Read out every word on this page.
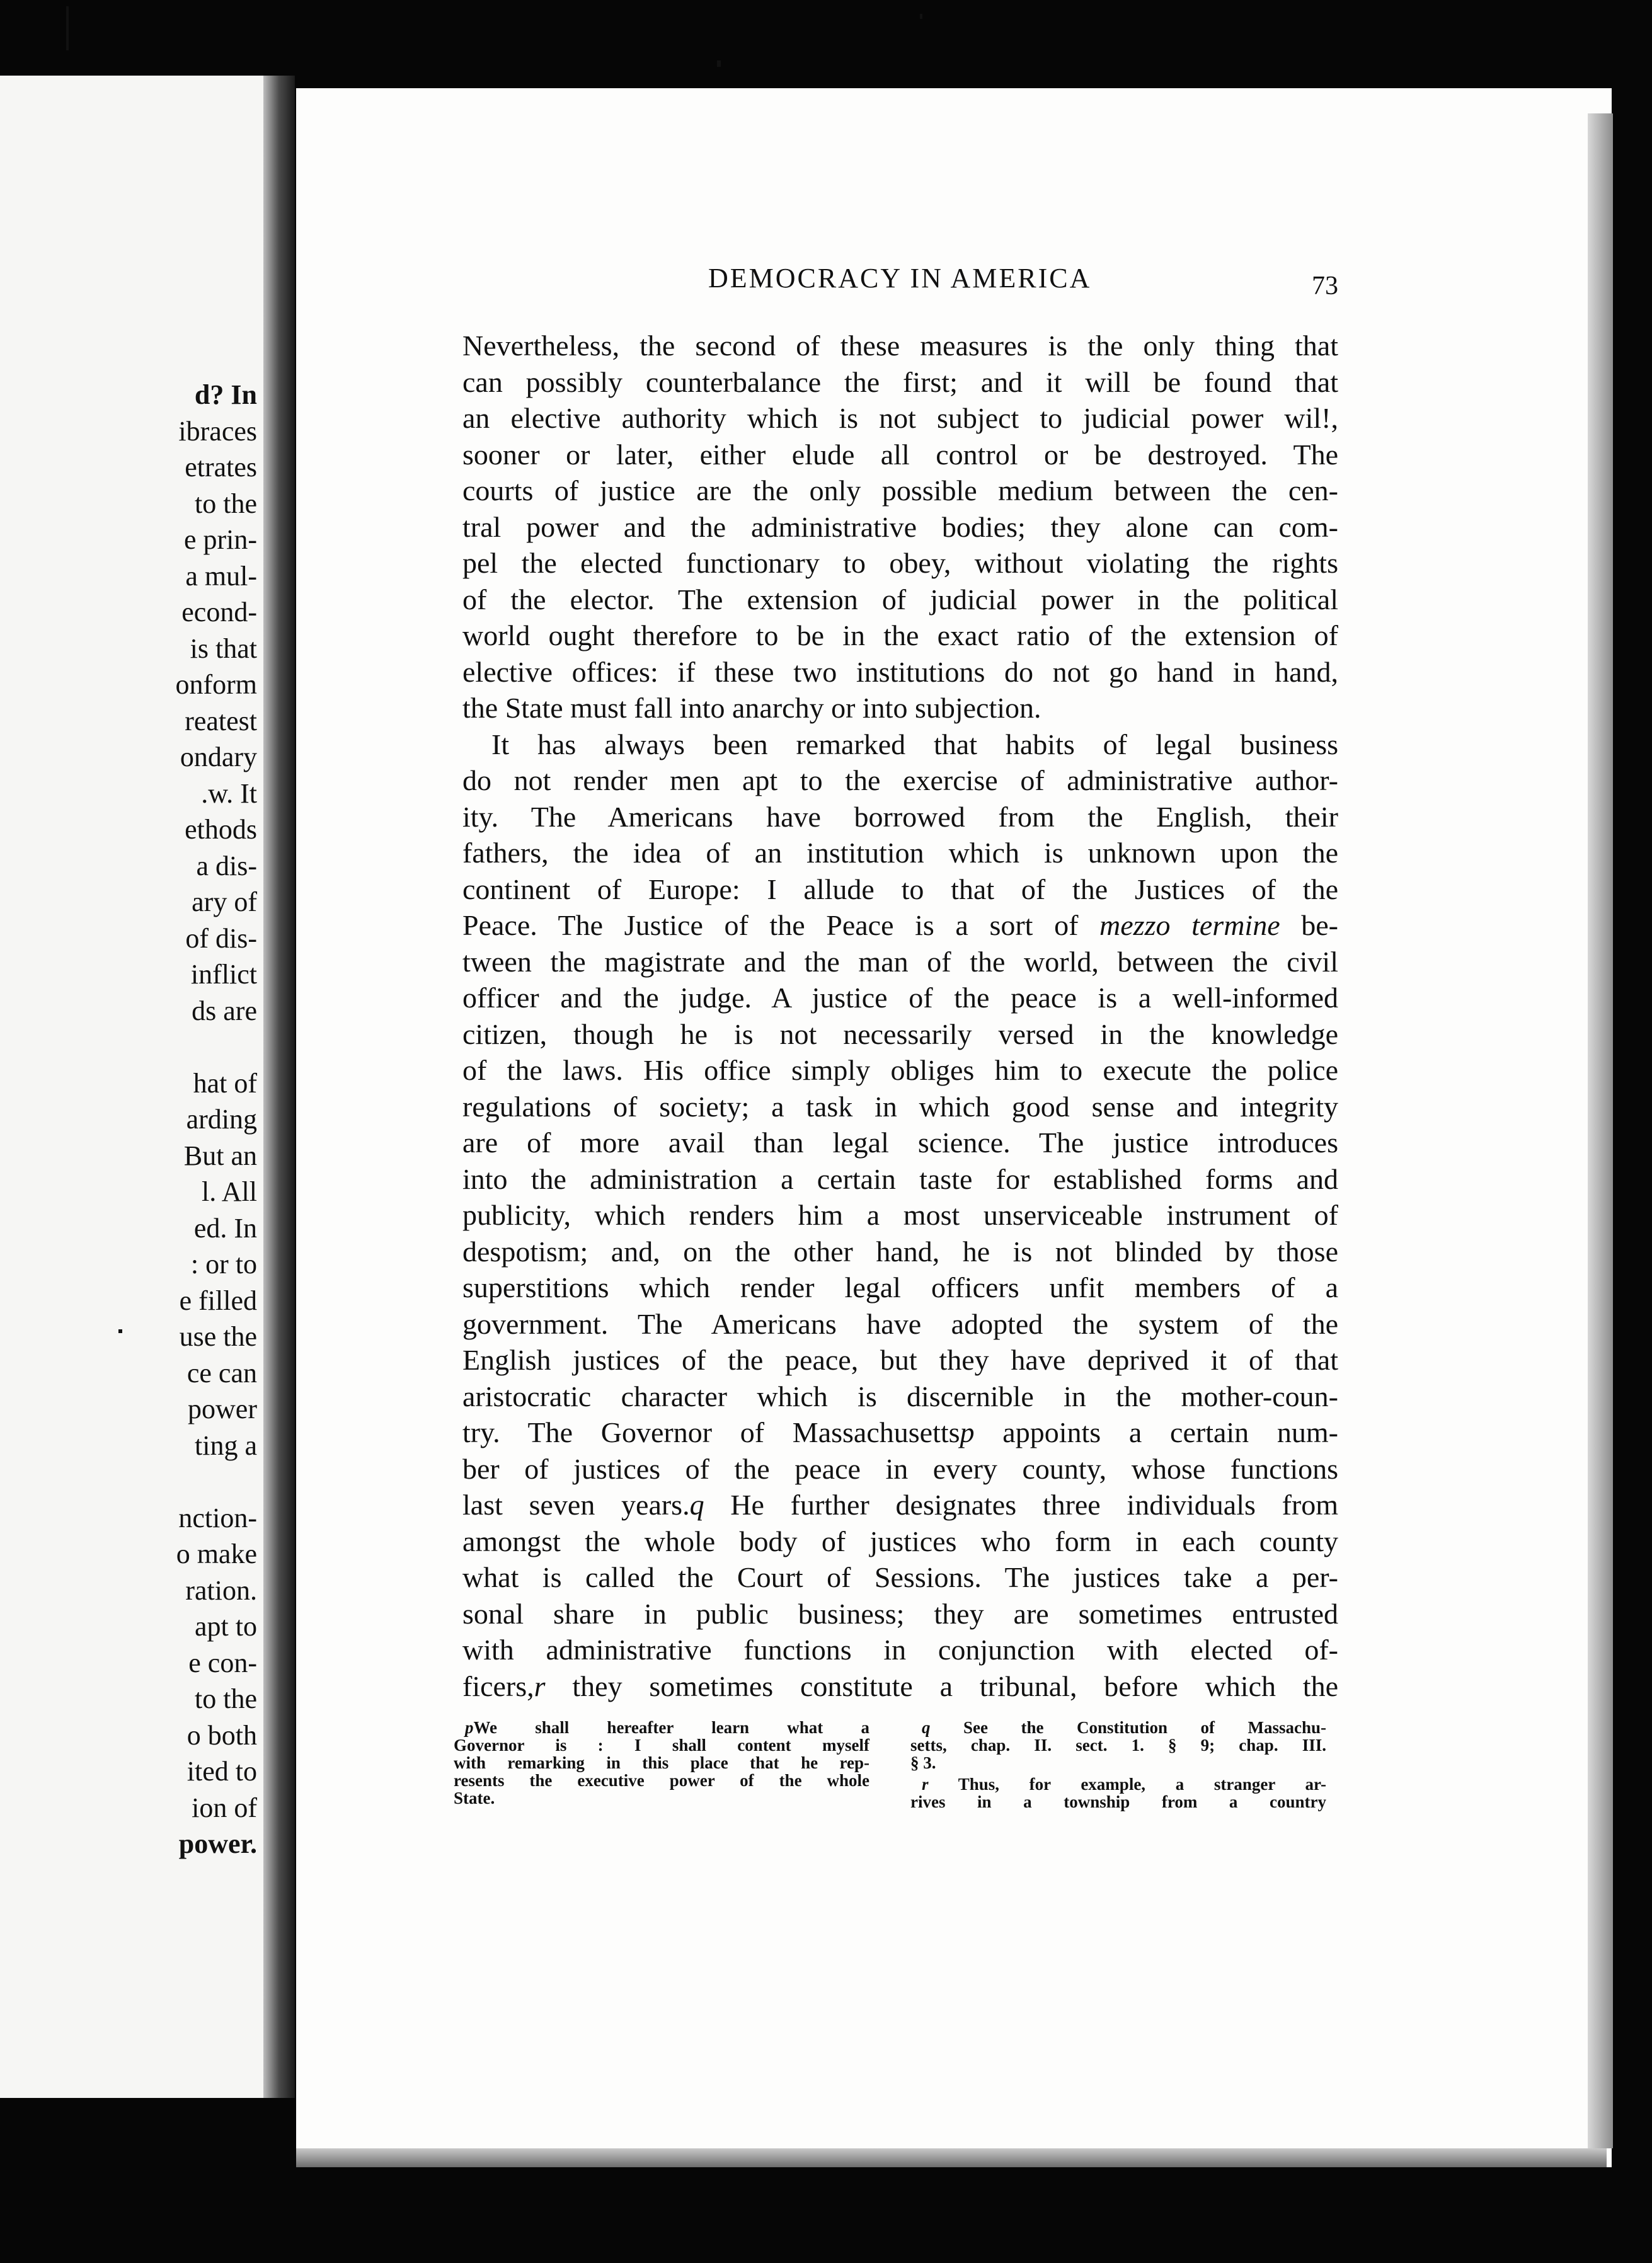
d? In
ibraces
etrates
to the
e prin-
a mul-
econd-
is that
onform
reatest
ondary
.w. It
ethods
a dis-
ary of
of dis-
inflict
ds are

hat of
arding
But an
l. All
ed. In
: or to
e filled
use the
ce can
power
ting a

nction-
o make
ration.
apt to
e con-
to the
o both
ited to
ion of
power.
DEMOCRACY IN AMERICA	73
Nevertheless, the second of these measures is the only thing that
can possibly counterbalance the first; and it will be found that
an elective authority which is not subject to judicial power wil!,
sooner or later, either elude all control or be destroyed. The
courts of justice are the only possible medium between the cen-
tral power and the administrative bodies; they alone can com-
pel the elected functionary to obey, without violating the rights
of the elector. The extension of judicial power in the political
world ought therefore to be in the exact ratio of the extension of
elective offices: if these two institutions do not go hand in hand,
the State must fall into anarchy or into subjection.
It has always been remarked that habits of legal business
do not render men apt to the exercise of administrative author-
ity. The Americans have borrowed from the English, their
fathers, the idea of an institution which is unknown upon the
continent of Europe: I allude to that of the Justices of the
Peace. The Justice of the Peace is a sort of mezzo termine be-
tween the magistrate and the man of the world, between the civil
officer and the judge. A justice of the peace is a well-informed
citizen, though he is not necessarily versed in the knowledge
of the laws. His office simply obliges him to execute the police
regulations of society; a task in which good sense and integrity
are of more avail than legal science. The justice introduces
into the administration a certain taste for established forms and
publicity, which renders him a most unserviceable instrument of
despotism; and, on the other hand, he is not blinded by those
superstitions which render legal officers unfit members of a
government. The Americans have adopted the system of the
English justices of the peace, but they have deprived it of that
aristocratic character which is discernible in the mother-coun-
try. The Governor of Massachusettsp appoints a certain num-
ber of justices of the peace in every county, whose functions
last seven years.q He further designates three individuals from
amongst the whole body of justices who form in each county
what is called the Court of Sessions. The justices take a per-
sonal share in public business; they are sometimes entrusted
with administrative functions in conjunction with elected of-
ficers,r they sometimes constitute a tribunal, before which the
pWe shall hereafter learn what a
Governor is : I shall content myself
with remarking in this place that he rep-
resents the executive power of the whole
State.
q See the Constitution of Massachu-
setts, chap. II. sect. 1. § 9; chap. III.
§ 3.
r Thus, for example, a stranger ar-
rives in a township from a country
